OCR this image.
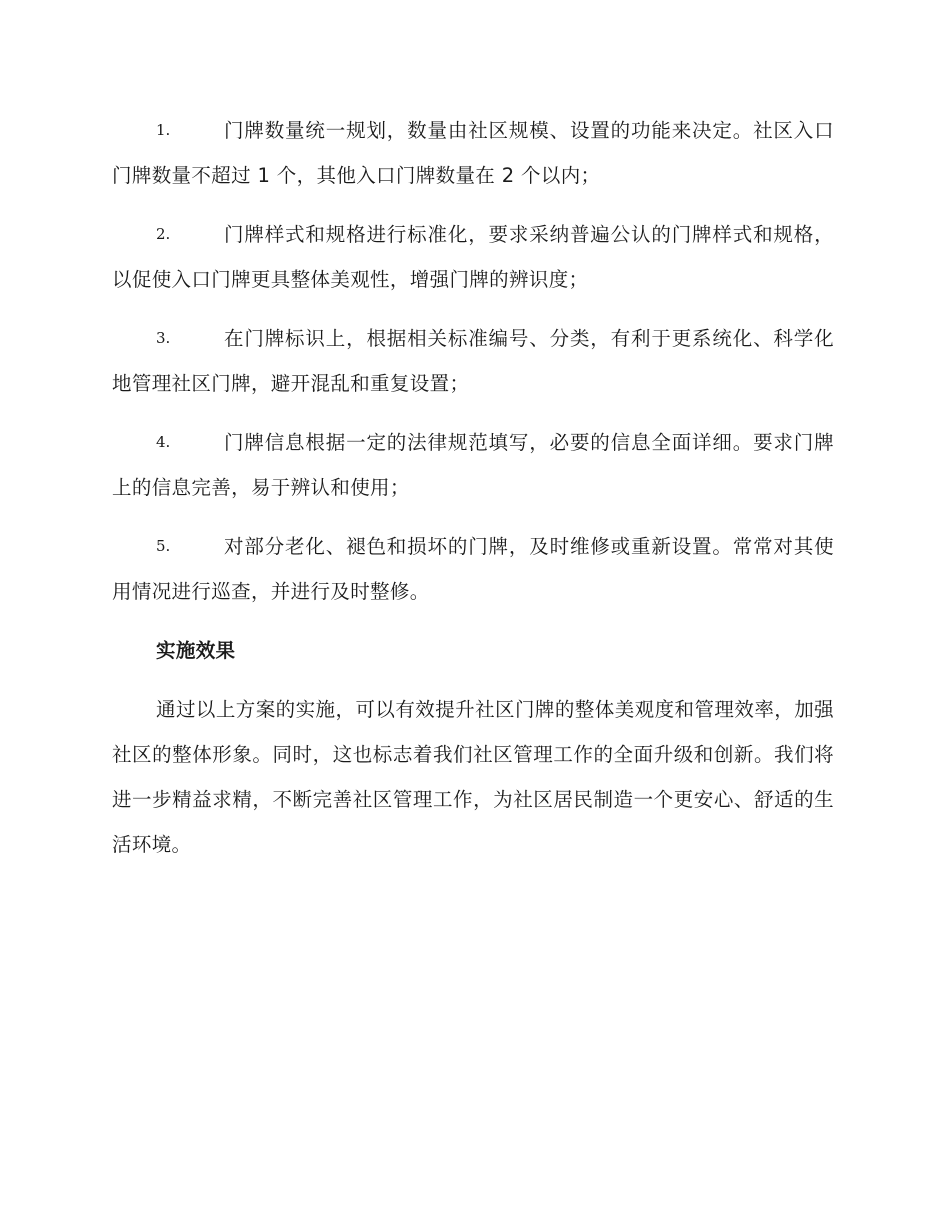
1.	门牌数量统一规划，数量由社区规模、设置的功能来决定。社区入口门牌数量不超过 1 个，其他入口门牌数量在 2 个以内；
2.	门牌样式和规格进行标准化，要求采纳普遍公认的门牌样式和规格，以促使入口门牌更具整体美观性，增强门牌的辨识度；
3.	在门牌标识上，根据相关标准编号、分类，有利于更系统化、科学化地管理社区门牌，避开混乱和重复设置；
4.	门牌信息根据一定的法律规范填写，必要的信息全面详细。要求门牌上的信息完善，易于辨认和使用；
5.	对部分老化、褪色和损坏的门牌，及时维修或重新设置。常常对其使用情况进行巡查，并进行及时整修。
实施效果

通过以上方案的实施，可以有效提升社区门牌的整体美观度和管理效率，加强社区的整体形象。同时，这也标志着我们社区管理工作的全面升级和创新。我们将进一步精益求精，不断完善社区管理工作，为社区居民制造一个更安心、舒适的生活环境。
